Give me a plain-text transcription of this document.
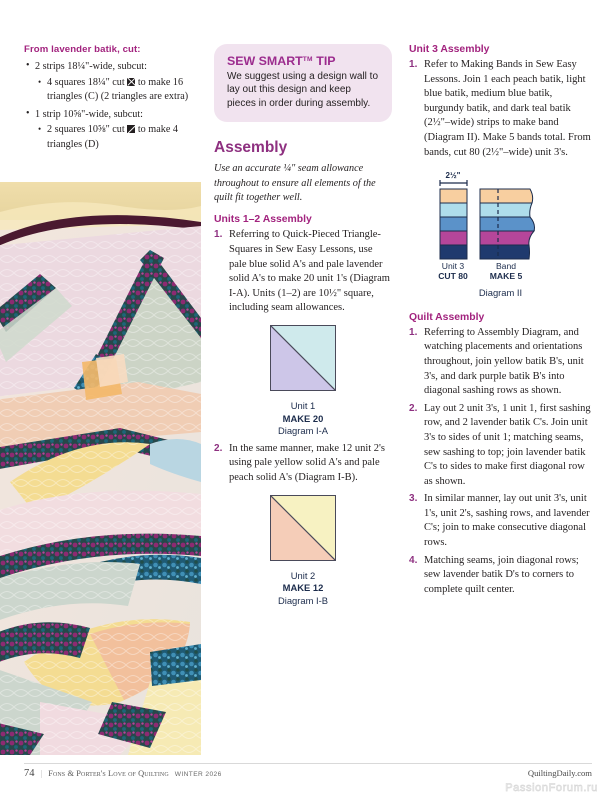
From lavender batik, cut:
• 2 strips 18¼"-wide, subcut:
• 4 squares 18¼" cut  to make 16 triangles (C) (2 triangles are extra)
• 1 strip 10⅝"-wide, subcut:
• 2 squares 10⅝" cut  to make 4 triangles (D)
SEW SMART™ TIP
We suggest using a design wall to lay out this design and keep pieces in order during assembly.
Assembly

Use an accurate ¼" seam allowance throughout to ensure all elements of the quilt fit together well.

Units 1–2 Assembly
Referring to Quick-Pieced Triangle-Squares in Sew Easy Lessons, use pale blue solid A's and pale lavender solid A's to make 20 unit 1's (Diagram I-A). Units (1–2) are 10½" square, including seam allowances.
Unit 1
MAKE 20
Diagram I-A
In the same manner, make 12 unit 2's using pale yellow solid A's and pale peach solid A's (Diagram I-B).
Unit 2
MAKE 12
Diagram I-B
Unit 3 Assembly
Refer to Making Bands in Sew Easy Lessons. Join 1 each peach batik, light blue batik, medium blue batik, burgundy batik, and dark teal batik (2½"–wide) strips to make band (Diagram II). Make 5 bands total. From bands, cut 80 (2½"–wide) unit 3's.
2½"
Unit 3
CUT 80
Band
MAKE 5
Diagram II
Quilt Assembly
Referring to Assembly Diagram, and watching placements and orientations throughout, join yellow batik B's, unit 3's, and dark purple batik B's into diagonal sashing rows as shown.
Lay out 2 unit 3's, 1 unit 1, first sashing row, and 2 lavender batik C's. Join unit 3's to sides of unit 1; matching seams, sew sashing to top; join lavender batik C's to sides to make first diagonal row as shown.
In similar manner, lay out unit 3's, unit 1's, unit 2's, sashing rows, and lavender C's; join to make consecutive diagonal rows.
Matching seams, join diagonal rows; sew lavender batik D's to corners to complete quilt center.
74 | Fons & Porter's Love of Quilting WINTER 2026	QuiltingDaily.com
PassionForum.ru
